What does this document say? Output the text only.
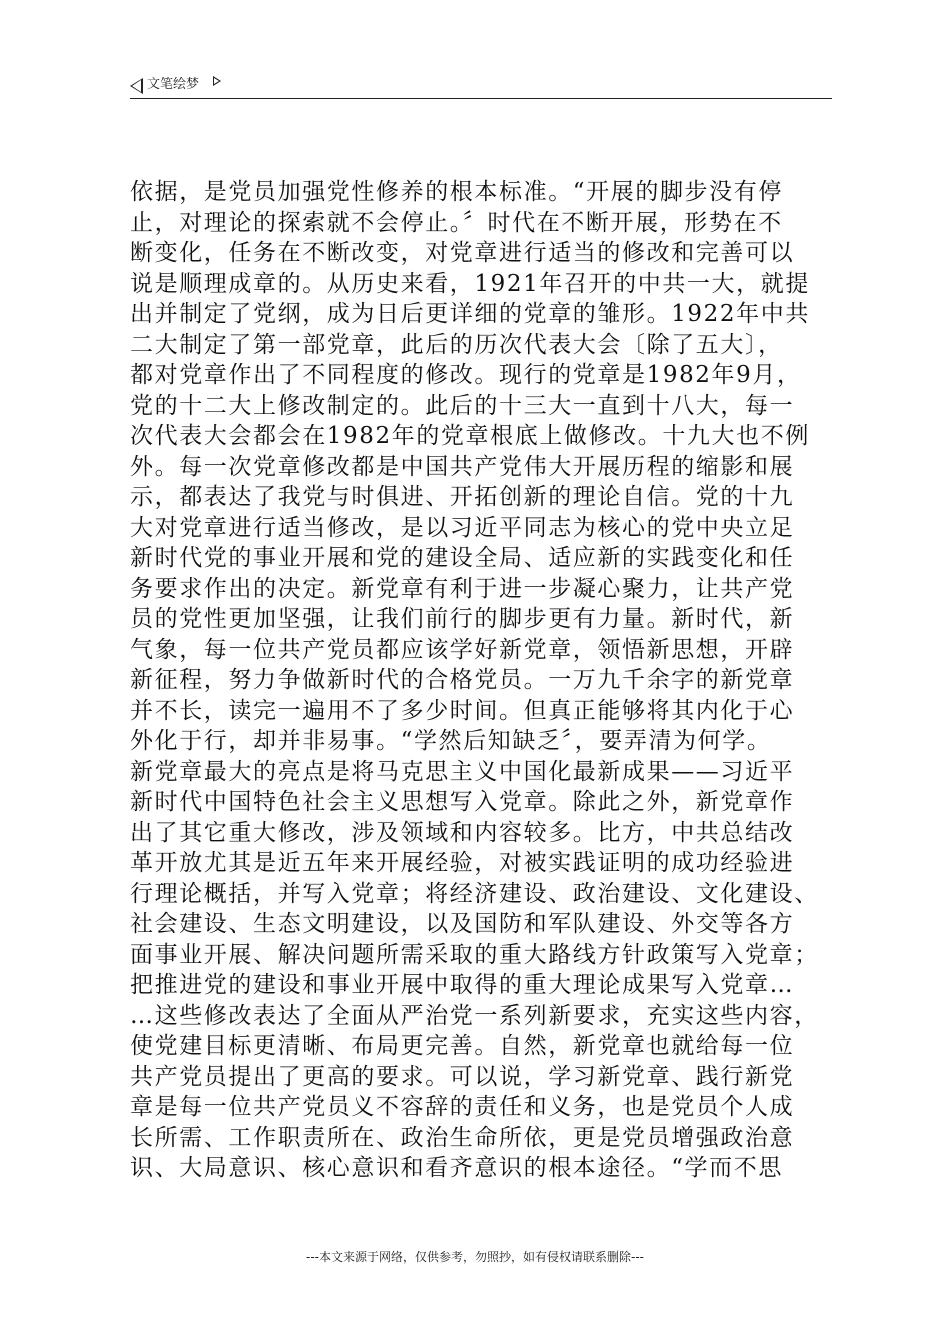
文笔绘梦
依据，是党员加强党性修养的根本标准。“开展的脚步没有停
止，对理论的探索就不会停止。〞时代在不断开展，形势在不
断变化，任务在不断改变，对党章进行适当的修改和完善可以
说是顺理成章的。从历史来看，1921年召开的中共一大，就提
出并制定了党纲，成为日后更详细的党章的雏形。1922年中共
二大制定了第一部党章，此后的历次代表大会〔除了五大〕，
都对党章作出了不同程度的修改。现行的党章是1982年9月，
党的十二大上修改制定的。此后的十三大一直到十八大，每一
次代表大会都会在1982年的党章根底上做修改。十九大也不例
外。每一次党章修改都是中国共产党伟大开展历程的缩影和展
示，都表达了我党与时俱进、开拓创新的理论自信。党的十九
大对党章进行适当修改，是以习近平同志为核心的党中央立足
新时代党的事业开展和党的建设全局、适应新的实践变化和任
务要求作出的决定。新党章有利于进一步凝心聚力，让共产党
员的党性更加坚强，让我们前行的脚步更有力量。新时代，新
气象，每一位共产党员都应该学好新党章，领悟新思想，开辟
新征程，努力争做新时代的合格党员。一万九千余字的新党章
并不长，读完一遍用不了多少时间。但真正能够将其内化于心
外化于行，却并非易事。“学然后知缺乏〞，要弄清为何学。
新党章最大的亮点是将马克思主义中国化最新成果——习近平
新时代中国特色社会主义思想写入党章。除此之外，新党章作
出了其它重大修改，涉及领域和内容较多。比方，中共总结改
革开放尤其是近五年来开展经验，对被实践证明的成功经验进
行理论概括，并写入党章；将经济建设、政治建设、文化建设、
社会建设、生态文明建设，以及国防和军队建设、外交等各方
面事业开展、解决问题所需采取的重大路线方针政策写入党章；
把推进党的建设和事业开展中取得的重大理论成果写入党章…
…这些修改表达了全面从严治党一系列新要求，充实这些内容，
使党建目标更清晰、布局更完善。自然，新党章也就给每一位
共产党员提出了更高的要求。可以说，学习新党章、践行新党
章是每一位共产党员义不容辞的责任和义务，也是党员个人成
长所需、工作职责所在、政治生命所依，更是党员增强政治意
识、大局意识、核心意识和看齐意识的根本途径。“学而不思
---本文来源于网络，仅供参考，勿照抄，如有侵权请联系删除---
